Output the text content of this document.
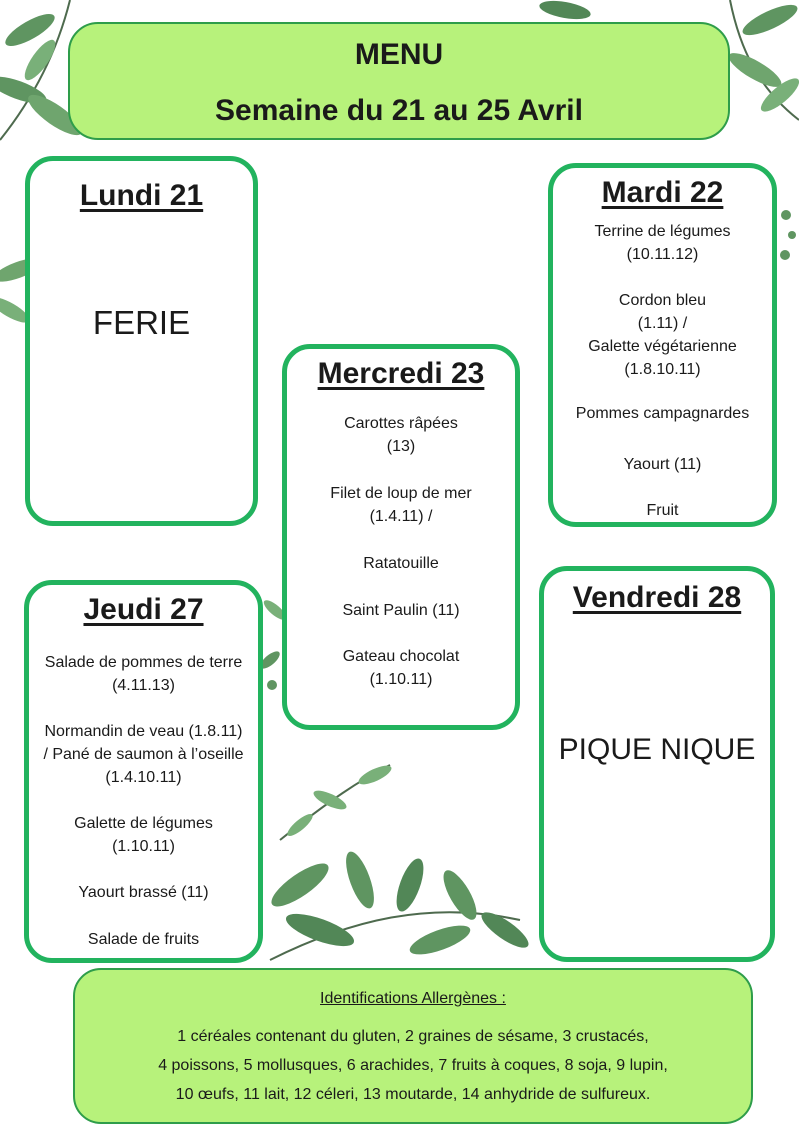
MENU
Semaine du 21 au 25 Avril
Lundi 21
FERIE
Mardi 22

Terrine de légumes

(10.11.12)

Cordon bleu

(1.11) /

Galette végétarienne

(1.8.10.11)

Pommes campagnardes

Yaourt (11)

Fruit

Mercredi 23

Carottes râpées

(13)

Filet de loup de mer

(1.4.11) /

Ratatouille

Saint Paulin (11)

Gateau chocolat

(1.10.11)

Jeudi 27

Salade de pommes de terre

(4.11.13)

Normandin de veau (1.8.11)

/ Pané de saumon à l’oseille

(1.4.10.11)

Galette de légumes

(1.10.11)

Yaourt brassé (11)

Salade de fruits

Vendredi 28
PIQUE NIQUE
Identifications Allergènes :
1 céréales contenant du gluten, 2 graines de sésame, 3 crustacés,
4 poissons, 5 mollusques, 6 arachides, 7 fruits à coques, 8 soja, 9 lupin,
10 œufs, 11 lait, 12 céleri, 13 moutarde, 14 anhydride de sulfureux.
